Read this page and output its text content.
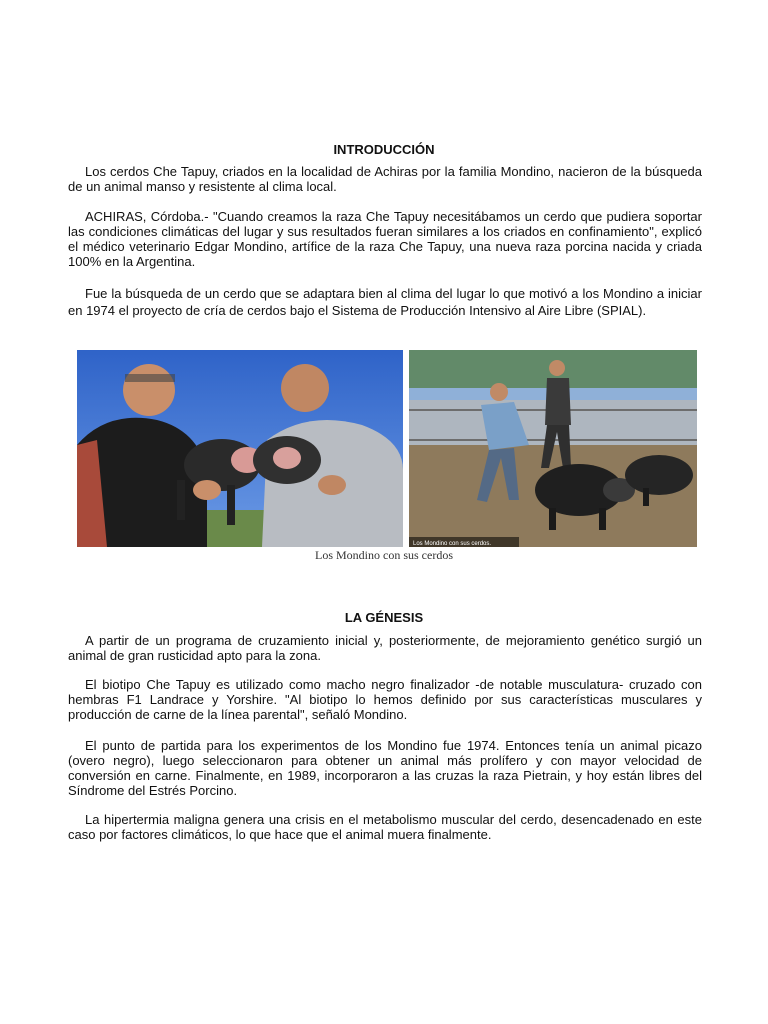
INTRODUCCIÓN

Los cerdos Che Tapuy, criados en la localidad de Achiras por la familia Mondino, nacieron de la búsqueda de un animal manso y resistente al clima local.

ACHIRAS, Córdoba.- "Cuando creamos la raza Che Tapuy necesitábamos un cerdo que pudiera soportar las condiciones climáticas del lugar y sus resultados fueran similares a los criados en confinamiento", explicó el médico veterinario Edgar Mondino, artífice de la raza Che Tapuy, una nueva raza porcina nacida y criada 100% en la Argentina.

Fue la búsqueda de un cerdo que se adaptara bien al clima del lugar lo que motivó a los Mondino a iniciar en 1974 el proyecto de cría de cerdos bajo el Sistema de Producción Intensivo al Aire Libre (SPIAL).

Los Mondino con sus cerdos.
Los Mondino con sus cerdos
LA GÉNESIS

A partir de un programa de cruzamiento inicial y, posteriormente, de mejoramiento genético surgió un animal de gran rusticidad apto para la zona.

El biotipo Che Tapuy es utilizado como macho negro finalizador -de notable musculatura- cruzado con hembras F1 Landrace y Yorshire. "Al biotipo lo hemos definido por sus características musculares y producción de carne de la línea parental", señaló Mondino.

El punto de partida para los experimentos de los Mondino fue 1974. Entonces tenía un animal picazo (overo negro), luego seleccionaron para obtener un animal más prolífero y con mayor velocidad de conversión en carne. Finalmente, en 1989, incorporaron a las cruzas la raza Pietrain, y hoy están libres del Síndrome del Estrés Porcino.

La hipertermia maligna genera una crisis en el metabolismo muscular del cerdo, desencadenado en este caso por factores climáticos, lo que hace que el animal muera finalmente.
